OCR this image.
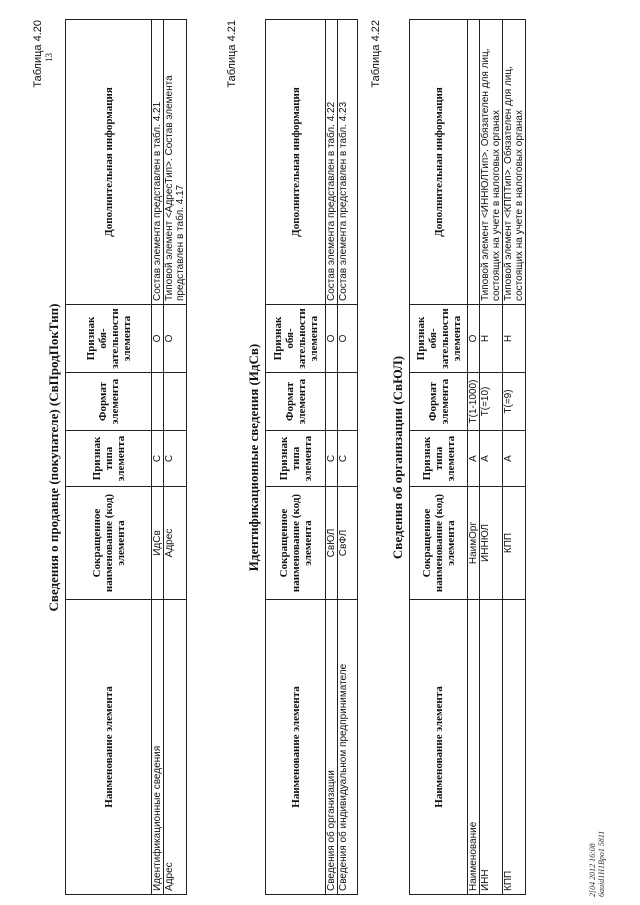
13
Таблица 4.20
Сведения о продавце (покупателе) (СвПродПокТип)
Наименование элемента	Сокращенное наименование (код) элемента	Признак типа элемента	Формат элемента	Признак обя-зательности элемента	Дополнительная информация
Идентификационные сведения	ИдСв	С		О	Состав элемента представлен в табл. 4.21
Адрес	Адрес	С		О	Типовой элемент <АдресТип>. Состав элемента представлен в табл. 4.17
Таблица 4.21
Идентификационные сведения (ИдСв)
Наименование элемента	Сокращенное наименование (код) элемента	Признак типа элемента	Формат элемента	Признак обя-зательности элемента	Дополнительная информация
Сведения об организации	СвЮЛ	С		О	Состав элемента представлен в табл. 4.22
Сведения об индивидуальном предпринимателе	СвФЛ	С		О	Состав элемента представлен в табл. 4.23
Таблица 4.22
Сведения об организации (СвЮЛ)
Наименование элемента	Сокращенное наименование (код) элемента	Признак типа элемента	Формат элемента	Признак обя-зательности элемента	Дополнительная информация
Наименование	НаимОрг	А	T(1-1000)	О	
ИНН	ИННЮЛ	А	T(=10)	Н	Типовой элемент <ИННЮЛТип>. Обязателен для лиц, состоящих на учете в налоговых органах
КПП	КПП	А	T(=9)	Н	Типовой элемент <КППТип>. Обязателен для лиц, состоящих на учете в налоговых органах
2[04 2012 16:08 6auid1H1Bpo1 5811
